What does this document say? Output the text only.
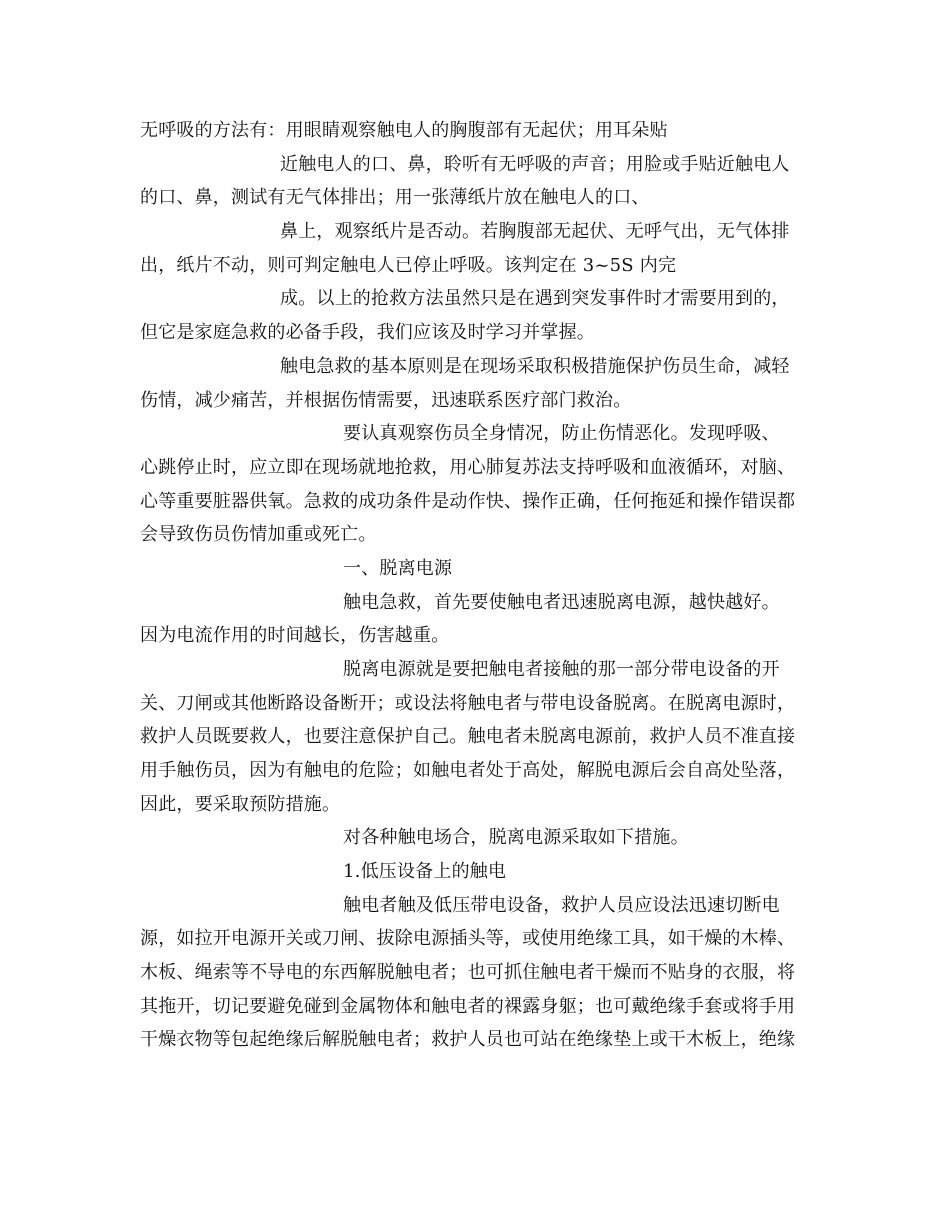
无呼吸的方法有：用眼睛观察触电人的胸腹部有无起伏；用耳朵贴
近触电人的口、鼻，聆听有无呼吸的声音；用脸或手贴近触电人
的口、鼻，测试有无气体排出；用一张薄纸片放在触电人的口、
鼻上，观察纸片是否动。若胸腹部无起伏、无呼气出，无气体排
出，纸片不动，则可判定触电人已停止呼吸。该判定在 3~5S 内完
成。以上的抢救方法虽然只是在遇到突发事件时才需要用到的，
但它是家庭急救的必备手段，我们应该及时学习并掌握。
触电急救的基本原则是在现场采取积极措施保护伤员生命，减轻
伤情，减少痛苦，并根据伤情需要，迅速联系医疗部门救治。
要认真观察伤员全身情况，防止伤情恶化。发现呼吸、
心跳停止时，应立即在现场就地抢救，用心肺复苏法支持呼吸和血液循环，对脑、
心等重要脏器供氧。急救的成功条件是动作快、操作正确，任何拖延和操作错误都
会导致伤员伤情加重或死亡。
一、脱离电源
触电急救，首先要使触电者迅速脱离电源，越快越好。
因为电流作用的时间越长，伤害越重。
脱离电源就是要把触电者接触的那一部分带电设备的开
关、刀闸或其他断路设备断开；或设法将触电者与带电设备脱离。在脱离电源时，
救护人员既要救人，也要注意保护自己。触电者未脱离电源前，救护人员不准直接
用手触伤员，因为有触电的危险；如触电者处于高处，解脱电源后会自高处坠落，
因此，要采取预防措施。
对各种触电场合，脱离电源采取如下措施。
1.低压设备上的触电
触电者触及低压带电设备，救护人员应设法迅速切断电
源，如拉开电源开关或刀闸、拔除电源插头等，或使用绝缘工具，如干燥的木棒、
木板、绳索等不导电的东西解脱触电者；也可抓住触电者干燥而不贴身的衣服，将
其拖开，切记要避免碰到金属物体和触电者的裸露身躯；也可戴绝缘手套或将手用
干燥衣物等包起绝缘后解脱触电者；救护人员也可站在绝缘垫上或干木板上，绝缘
